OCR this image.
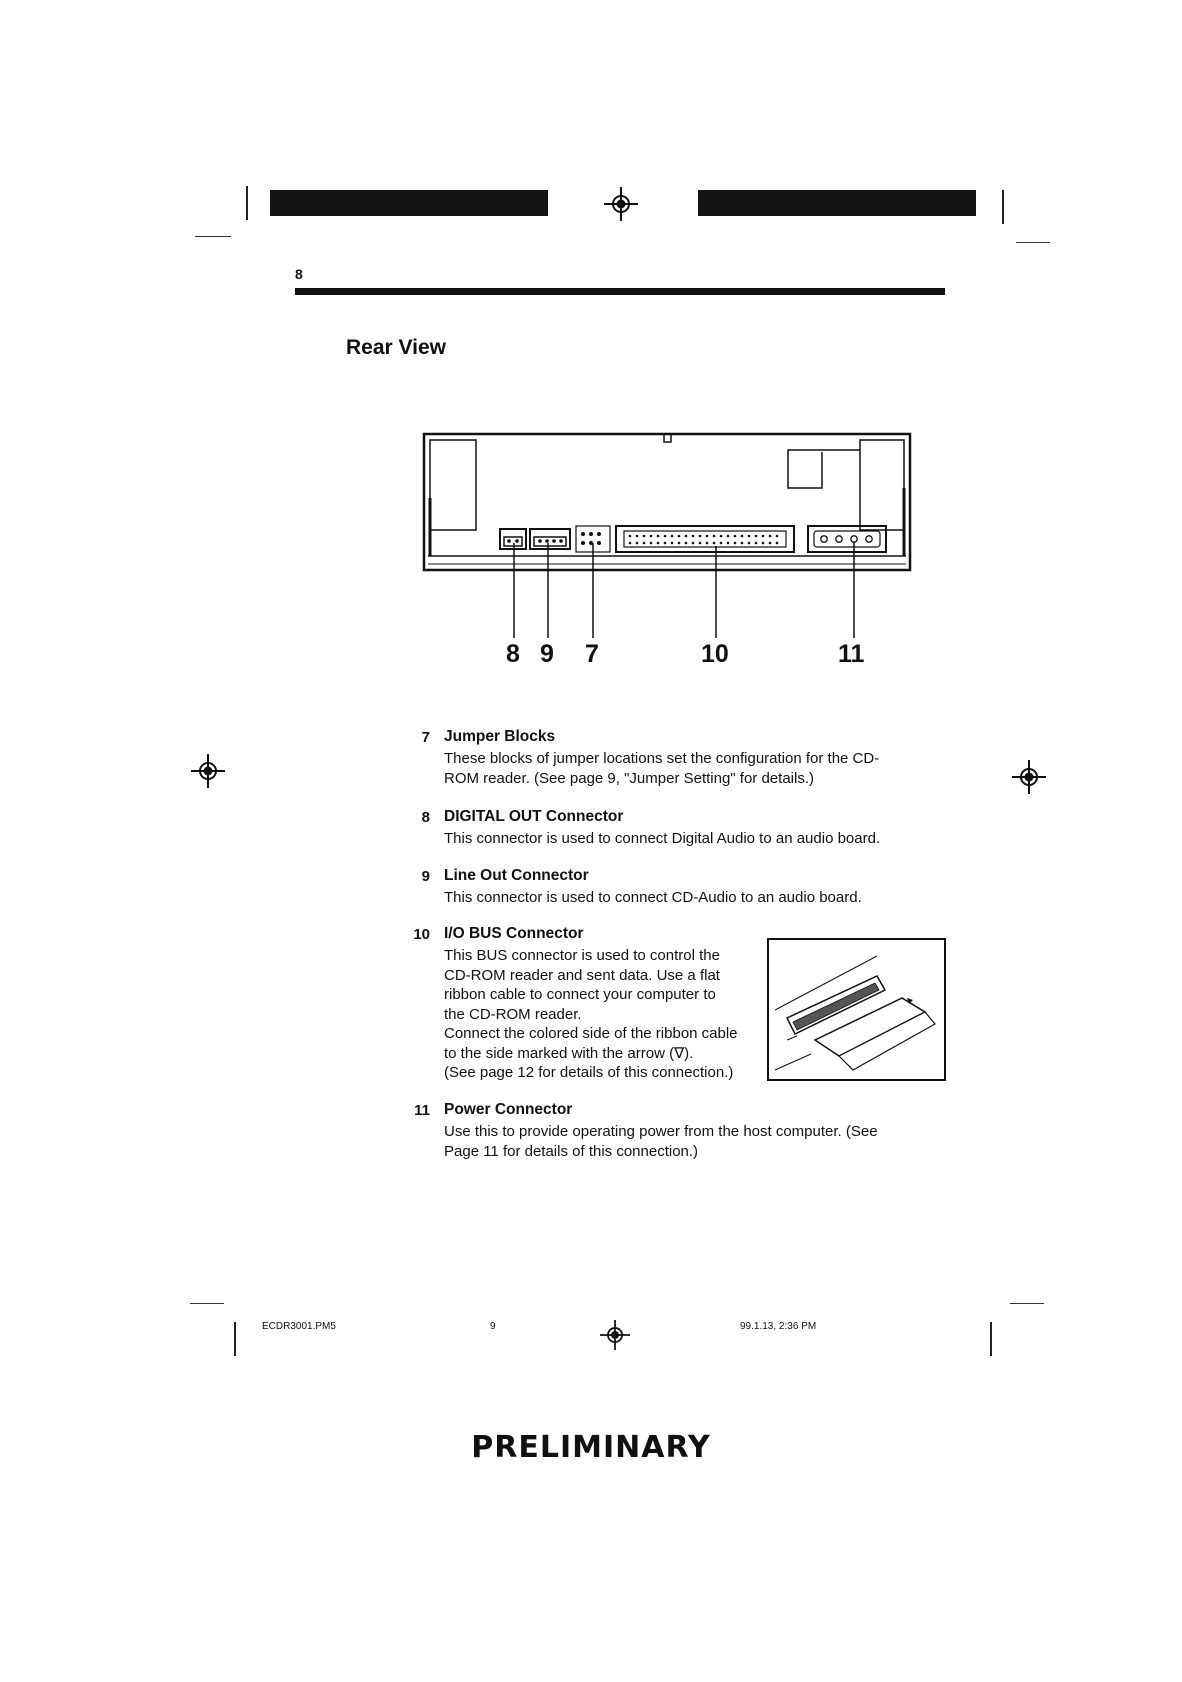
8
Rear View
8 9 7	10	11
7 Jumper Blocks
These blocks of jumper locations set the configuration for the CD-
ROM reader. (See page 9, "Jumper Setting" for details.)
8 DIGITAL OUT Connector
This connector is used to connect Digital Audio to an audio board.
9 Line Out Connector
This connector is used to connect CD-Audio to an audio board.
10 I/O BUS Connector
This BUS connector is used to control the
CD-ROM reader and sent data. Use a flat
ribbon cable to connect your computer to
the CD-ROM reader.
Connect the colored side of the ribbon cable
to the side marked with the arrow (∇).
(See page 12 for details of this connection.)
11 Power Connector
Use this to provide operating power from the host computer. (See
Page 11 for details of this connection.)
ECDR3001.PM5	9	99.1.13, 2:36 PM
PRELIMINARY
